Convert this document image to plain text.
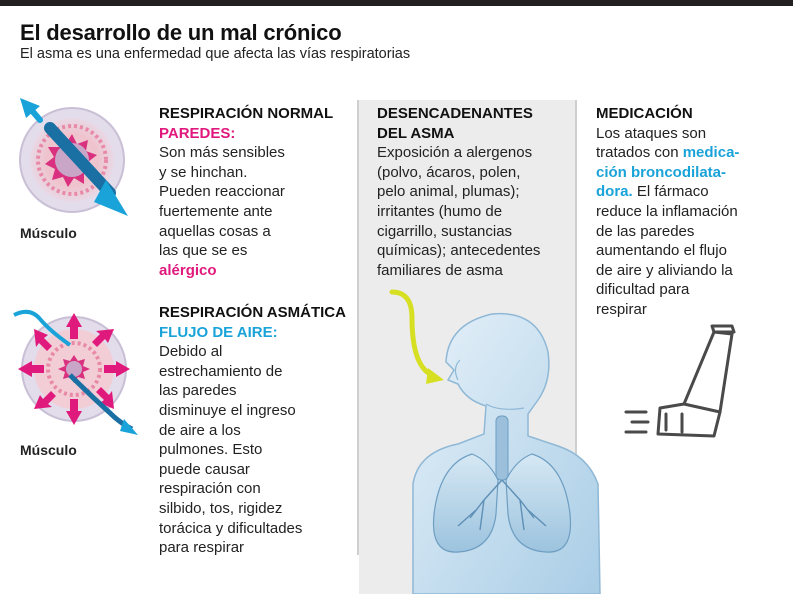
El desarrollo de un mal crónico
El asma es una enfermedad que afecta las vías respiratorias
Músculo
Músculo
RESPIRACIÓN NORMAL
PAREDES:
Son más sensibles
y se hinchan.
Pueden reaccionar
fuertemente ante
aquellas cosas a
las que se es
alérgico
RESPIRACIÓN ASMÁTICA
FLUJO DE AIRE:
Debido al
estrechamiento de
las paredes
disminuye el ingreso
de aire a los
pulmones. Esto
puede causar
respiración con
silbido, tos, rigidez
torácica y dificultades
para respirar
DESENCADENANTES
DEL ASMA
Exposición a alergenos
(polvo, ácaros, polen,
pelo animal, plumas);
irritantes (humo de
cigarrillo, sustancias
químicas); antecedentes
familiares de asma
MEDICACIÓN
Los ataques son
tratados con medica-
ción broncodilata-
dora. El fármaco
reduce la inflamación
de las paredes
aumentando el flujo
de aire y aliviando la
dificultad para
respirar
